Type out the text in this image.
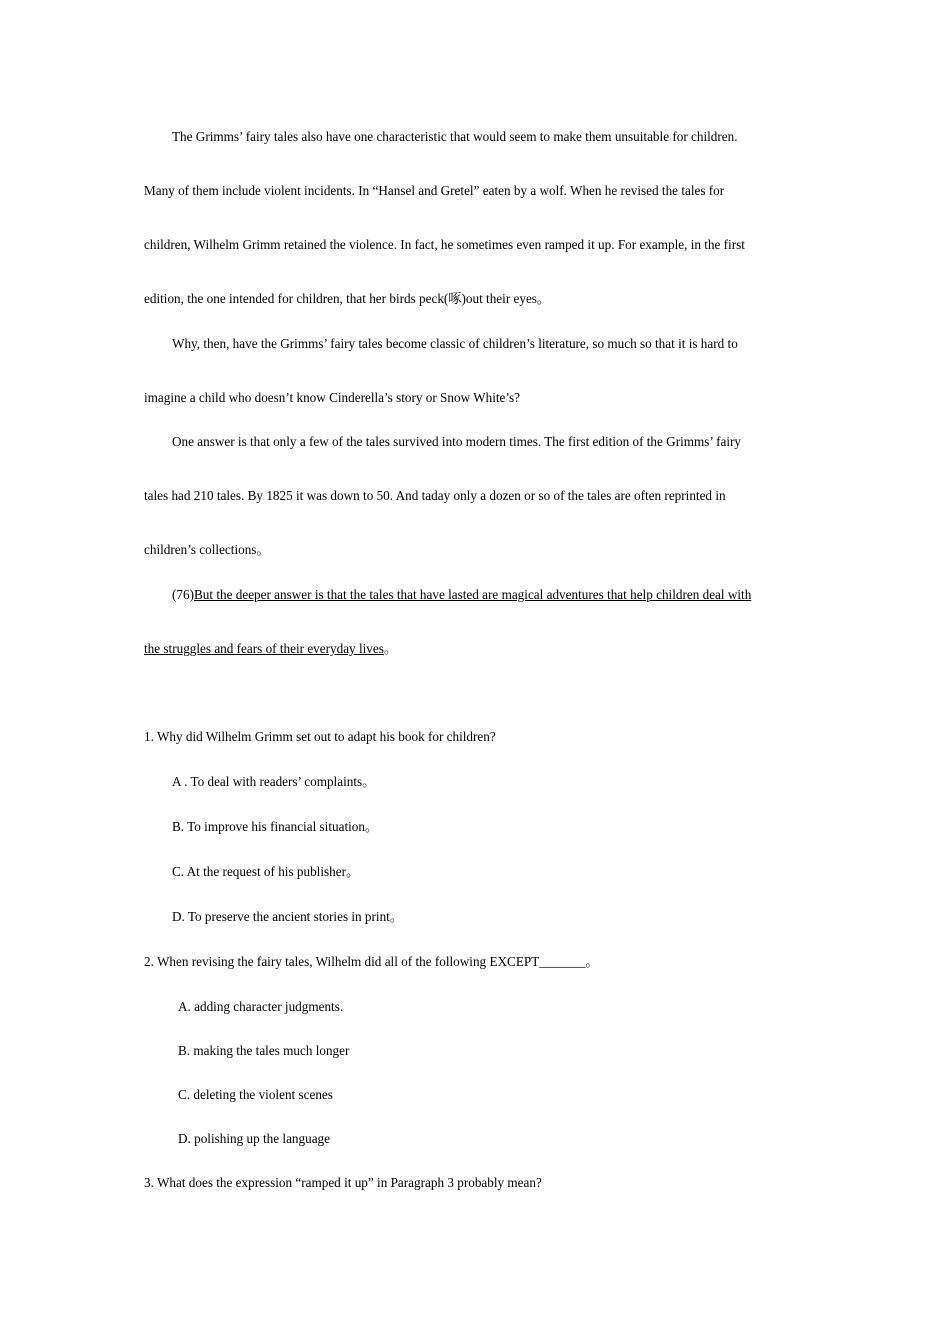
The Grimms’ fairy tales also have one characteristic that would seem to make them unsuitable for children.

Many of them include violent incidents. In “Hansel and Gretel” eaten by a wolf. When he revised the tales for

children, Wilhelm Grimm retained the violence. In fact, he sometimes even ramped it up. For example, in the first

edition, the one intended for children, that her birds peck(啄)out their eyes。

Why, then, have the Grimms’ fairy tales become classic of children’s literature, so much so that it is hard to

imagine a child who doesn’t know Cinderella’s story or Snow White’s?

One answer is that only a few of the tales survived into modern times. The first edition of the Grimms’ fairy

tales had 210 tales. By 1825 it was down to 50. And taday only a dozen or so of the tales are often reprinted in

children’s collections。

(76)But the deeper answer is that the tales that have lasted are magical adventures that help children deal with

the struggles and fears of their everyday lives。

1. Why did Wilhelm Grimm set out to adapt his book for children?

A . To deal with readers’ complaints。

B. To improve his financial situation。

C. At the request of his publisher。

D. To preserve the ancient stories in print。

2. When revising the fairy tales, Wilhelm did all of the following EXCEPT_______。

A. adding character judgments.

B. making the tales much longer

C. deleting the violent scenes

D. polishing up the language

3. What does the expression “ramped it up” in Paragraph 3 probably mean?
